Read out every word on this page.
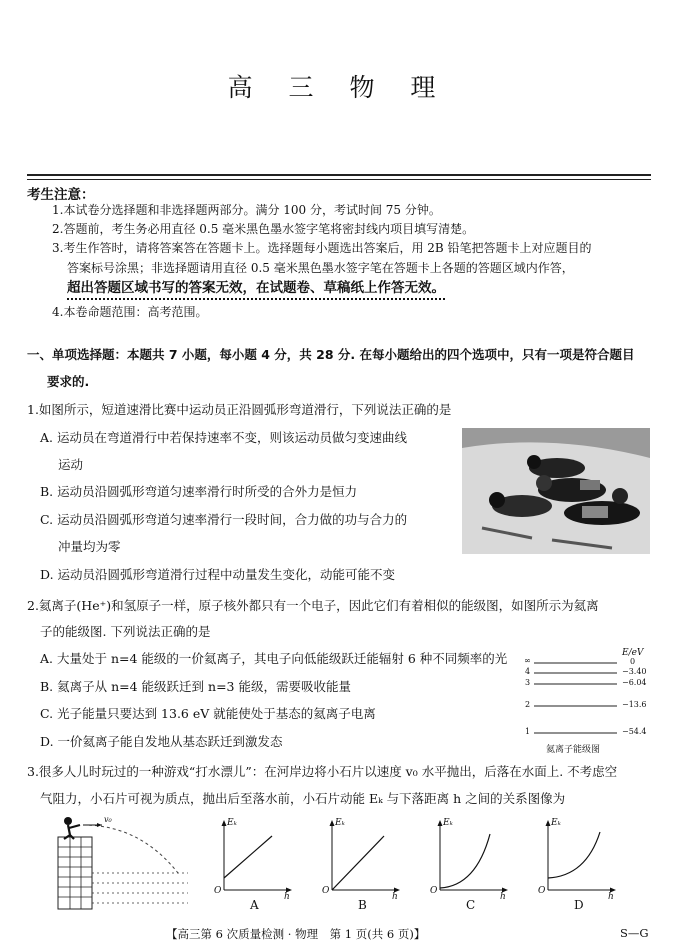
高 三 物 理
考生注意：
1.本试卷分选择题和非选择题两部分。满分 100 分，考试时间 75 分钟。
2.答题前，考生务必用直径 0.5 毫米黑色墨水签字笔将密封线内项目填写清楚。
3.考生作答时，请将答案答在答题卡上。选择题每小题选出答案后，用 2B 铅笔把答题卡上对应题目的
答案标号涂黑；非选择题请用直径 0.5 毫米黑色墨水签字笔在答题卡上各题的答题区域内作答，
超出答题区域书写的答案无效，在试题卷、草稿纸上作答无效。
4.本卷命题范围：高考范围。
一、单项选择题：本题共 7 小题，每小题 4 分，共 28 分. 在每小题给出的四个选项中，只有一项是符合题目
要求的.
1.如图所示，短道速滑比赛中运动员正沿圆弧形弯道滑行，下列说法正确的是
A. 运动员在弯道滑行中若保持速率不变，则该运动员做匀变速曲线
运动
B. 运动员沿圆弧形弯道匀速率滑行时所受的合外力是恒力
C. 运动员沿圆弧形弯道匀速率滑行一段时间，合力做的功与合力的
冲量均为零
D. 运动员沿圆弧形弯道滑行过程中动量发生变化，动能可能不变
2.氦离子(He⁺)和氢原子一样，原子核外都只有一个电子，因此它们有着相似的能级图，如图所示为氦离
子的能级图. 下列说法正确的是
A. 大量处于 n=4 能级的一价氦离子，其电子向低能级跃迁能辐射 6 种不同频率的光
B. 氦离子从 n=4 能级跃迁到 n=3 能级，需要吸收能量
C. 光子能量只要达到 13.6 eV 就能使处于基态的氦离子电离
D. 一价氦离子能自发地从基态跃迁到激发态
E/eV
∞	0
4	−3.40
3	−6.04
2	−13.6
1	−54.4
氦离子能级图
3.很多人儿时玩过的一种游戏“打水漂儿”：在河岸边将小石片以速度 v₀ 水平抛出，后落在水面上. 不考虑空
气阻力，小石片可视为质点，抛出后至落水前，小石片动能 Eₖ 与下落距离 h 之间的关系图像为
v₀	Eₖ
O
h
A
Eₖ
O
h
B
Eₖ
O
h
C
Eₖ
O
h
D
【高三第 6 次质量检测 · 物理　第 1 页(共 6 页)】	S—G
